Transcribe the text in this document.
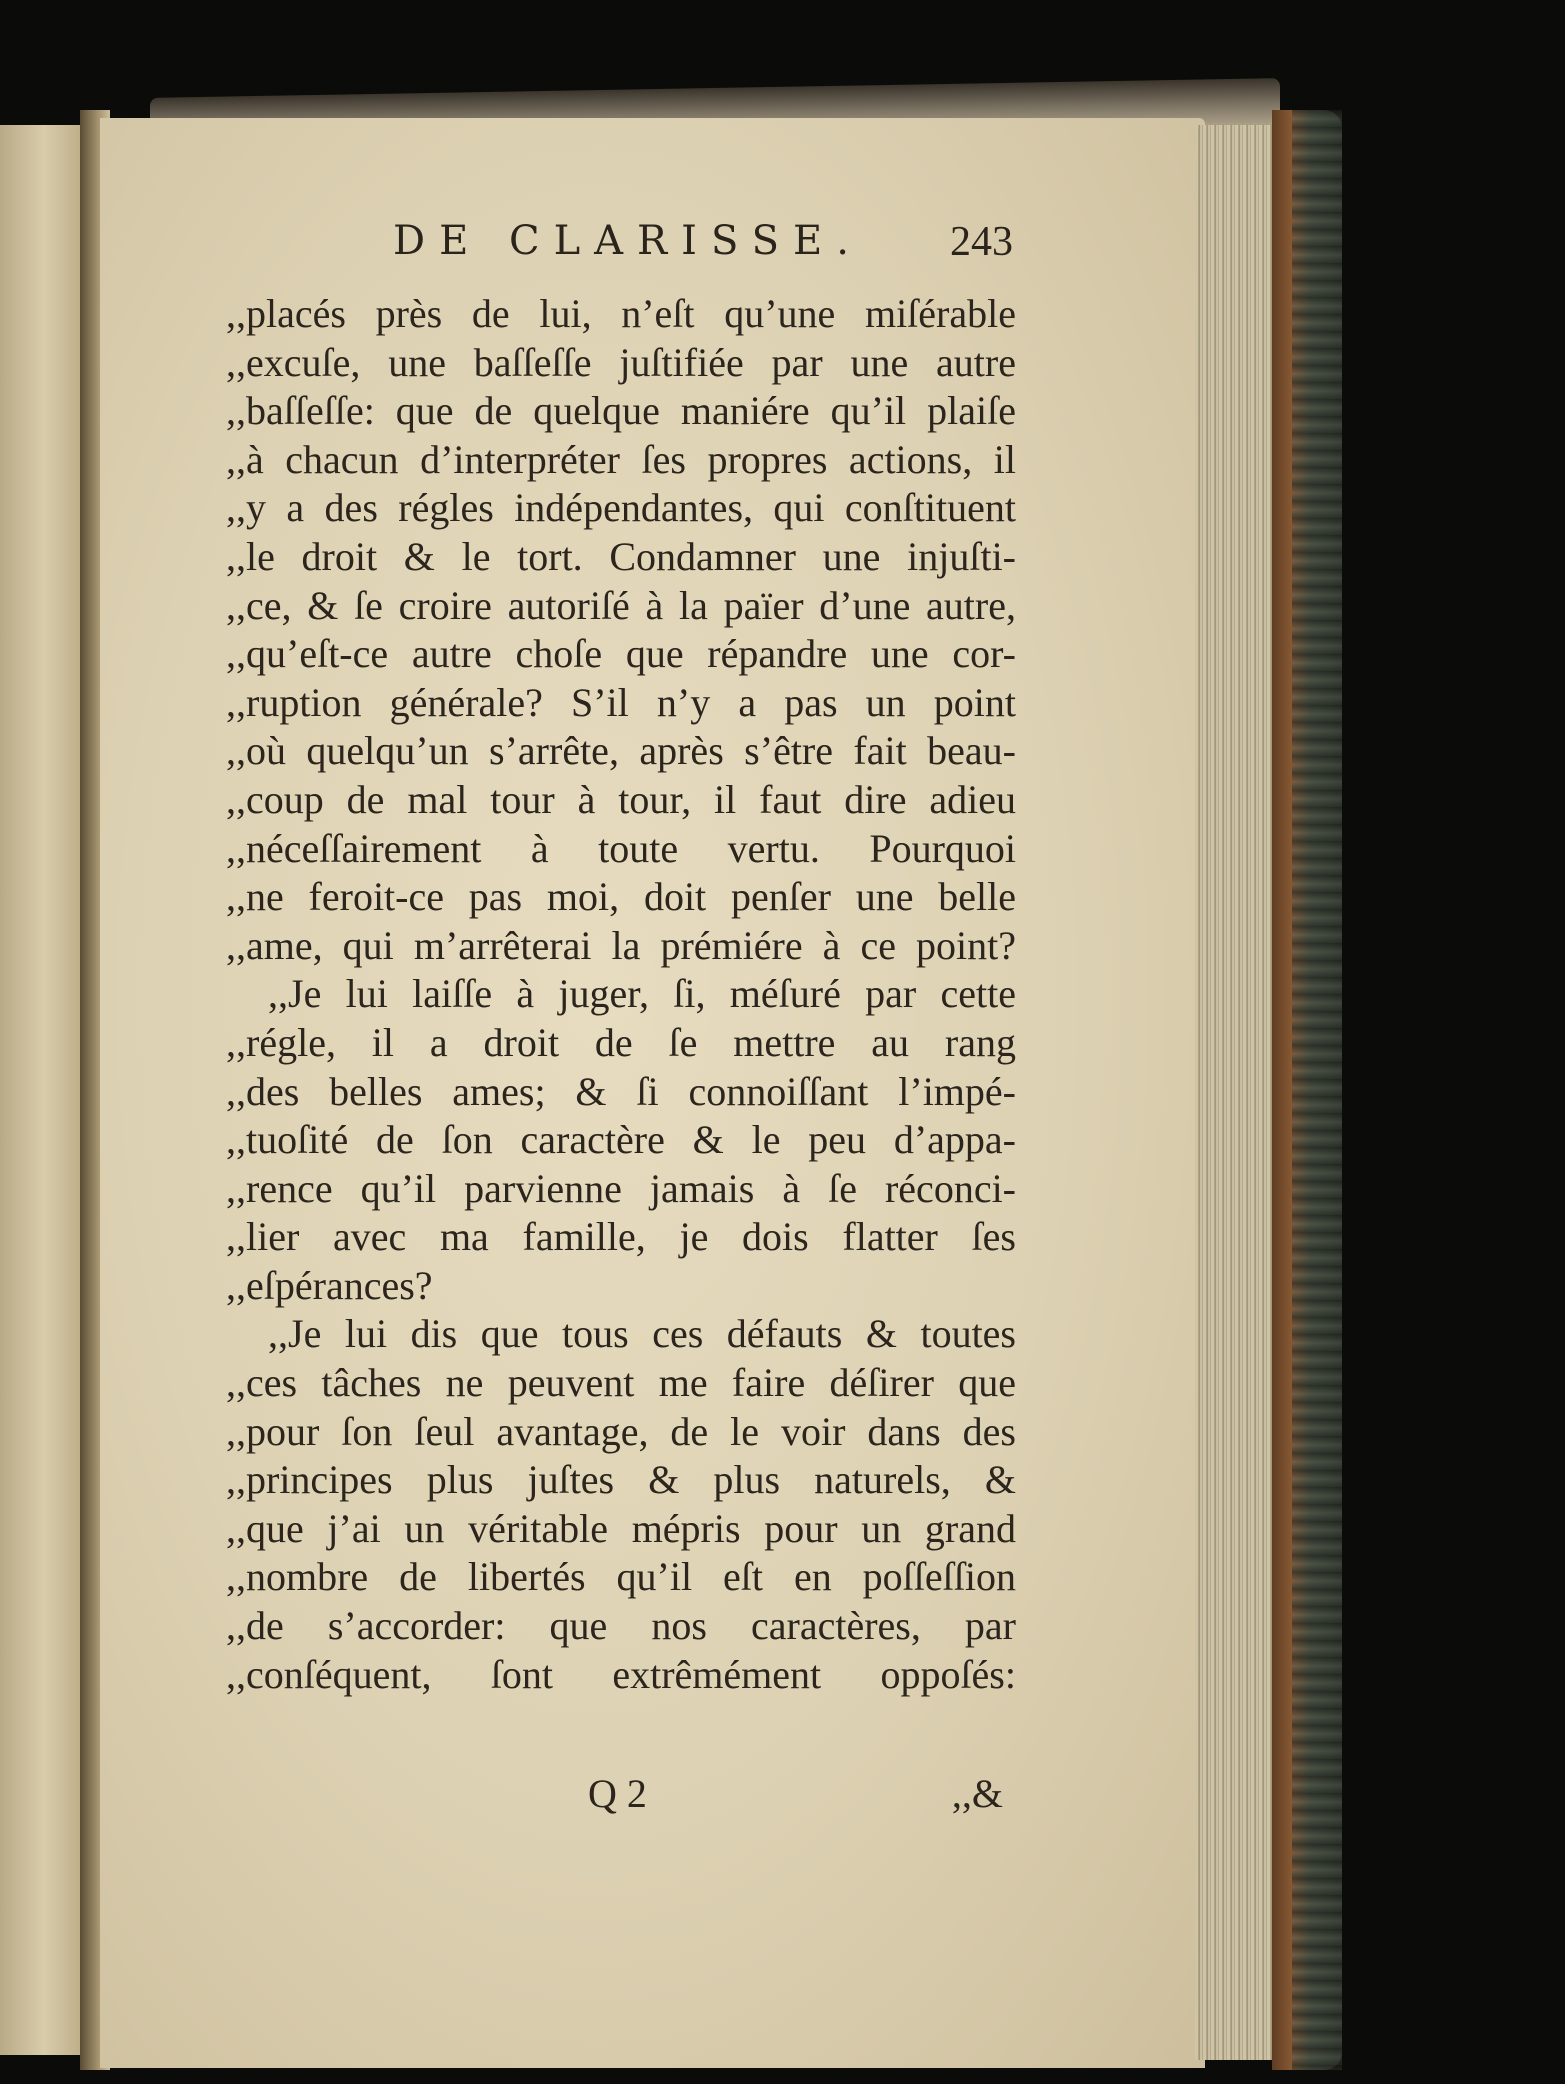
DE CLARISSE. 243
,,placés près de lui, n’eſt qu’une miſérable
,,excuſe, une baſſeſſe juſtifiée par une autre
,,baſſeſſe: que de quelque maniére qu’il plaiſe
,,à chacun d’interpréter ſes propres actions, il
,,y a des régles indépendantes, qui conſtituent
,,le droit & le tort. Condamner une injuſti-
,,ce, & ſe croire autoriſé à la païer d’une autre,
,,qu’eſt-ce autre choſe que répandre une cor-
,,ruption générale? S’il n’y a pas un point
,,où quelqu’un s’arrête, après s’être fait beau-
,,coup de mal tour à tour, il faut dire adieu
,,néceſſairement à toute vertu. Pourquoi
,,ne feroit-ce pas moi, doit penſer une belle
,,ame, qui m’arrêterai la prémiére à ce point?
,,Je lui laiſſe à juger, ſi, méſuré par cette
,,régle, il a droit de ſe mettre au rang
,,des belles ames; & ſi connoiſſant l’impé-
,,tuoſité de ſon caractère & le peu d’appa-
,,rence qu’il parvienne jamais à ſe réconci-
,,lier avec ma famille, je dois flatter ſes
,,eſpérances?
,,Je lui dis que tous ces défauts & toutes
,,ces tâches ne peuvent me faire déſirer que
,,pour ſon ſeul avantage, de le voir dans des
,,principes plus juſtes & plus naturels, &
,,que j’ai un véritable mépris pour un grand
,,nombre de libertés qu’il eſt en poſſeſſion
,,de s’accorder: que nos caractères, par
,,conſéquent, ſont extrêmément oppoſés:
Q 2	,,&
